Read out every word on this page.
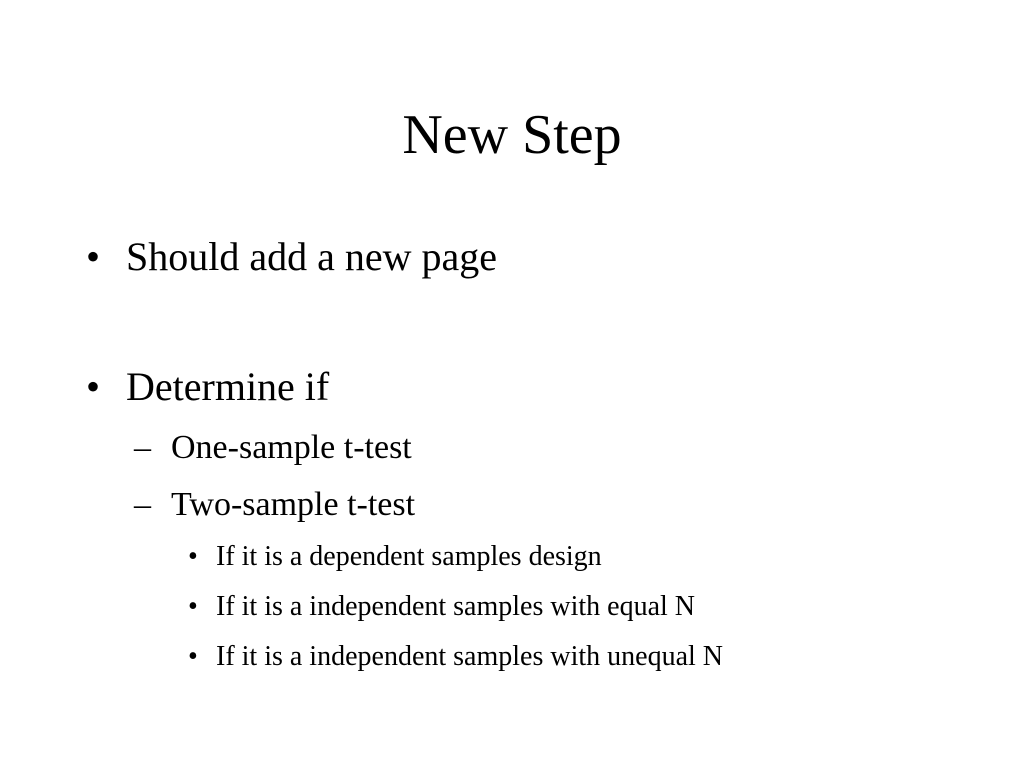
New Step
• Should add a new page
• Determine if
– One-sample t-test
– Two-sample t-test
• If it is a dependent samples design
• If it is a independent samples with equal N
• If it is a independent samples with unequal N
